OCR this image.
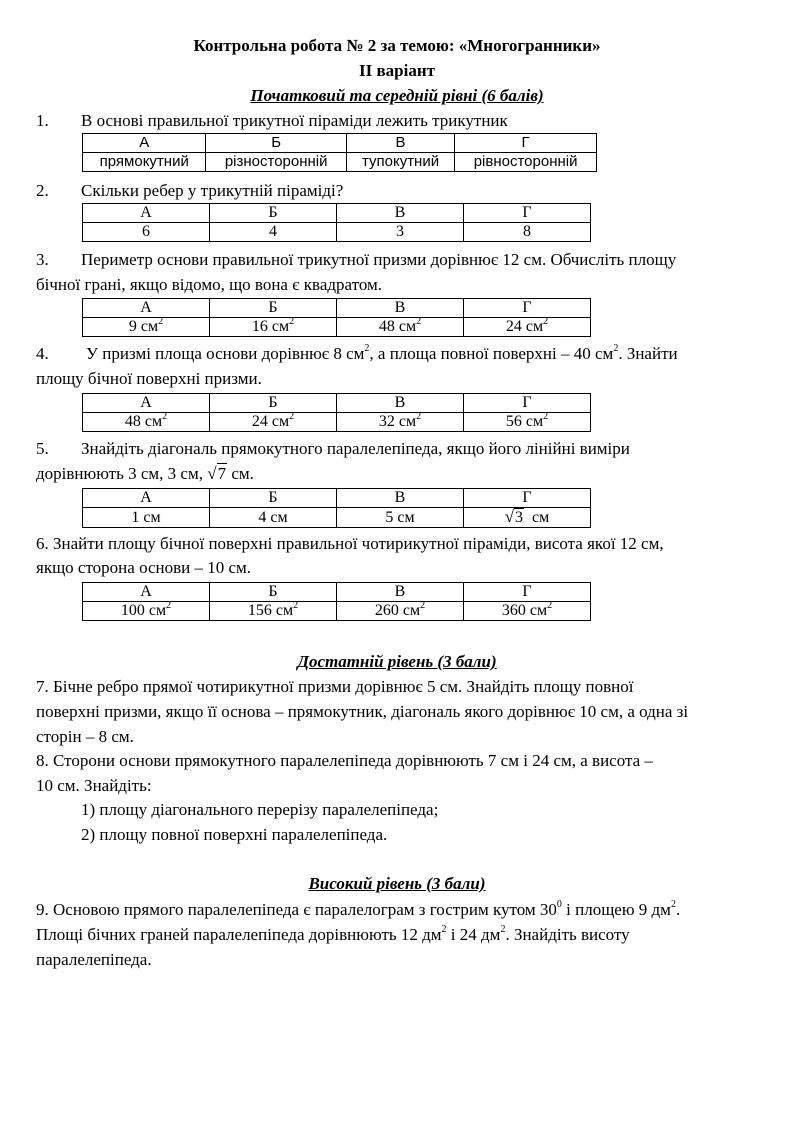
Контрольна робота № 2 за темою: «Многогранники»
ІІ варіант
Початковий та середній рівні (6 балів)
1. В основі правильної трикутної піраміди лежить трикутник
А	Б	В	Г
прямокутний	різносторонній	тупокутний	рівносторонній
2. Скільки ребер у трикутній піраміді?
А	Б	В	Г
6	4	3	8
3. Периметр основи правильної трикутної призми дорівнює 12 см. Обчисліть площу
бічної грані, якщо відомо, що вона є квадратом.
А	Б	В	Г
9 $см^2$	16 $см^2$	48 $см^2$	24 $см^2$
4. У призмі площа основи дорівнює 8 $см^2$, а площа повної поверхні – 40 $см^2$. Знайти
площу бічної поверхні призми.
А	Б	В	Г
48 $см^2$	24 $см^2$	32 $см^2$	56 $см^2$
5. Знайдіть діагональ прямокутного паралелепіпеда, якщо його лінійні виміри
дорівнюють 3 см, 3 см, √7 см.
А	Б	В	Г
1 см	4 см	5 см	√3 см
6. Знайти площу бічної поверхні правильної чотирикутної піраміди, висота якої 12 см,
якщо сторона основи – 10 см.
А	Б	В	Г
100 $см^2$	156 $см^2$	260 $см^2$	360 $см^2$
Достатній рівень (3 бали)
7. Бічне ребро прямої чотирикутної призми дорівнює 5 см. Знайдіть площу повної
поверхні призми, якщо її основа – прямокутник, діагональ якого дорівнює 10 см, а одна зі
сторін – 8 см.
8. Сторони основи прямокутного паралелепіпеда дорівнюють 7 см і 24 см, а висота –
10 см. Знайдіть:
1) площу діагонального перерізу паралелепіпеда;
2) площу повної поверхні паралелепіпеда.
Високий рівень (3 бали)
9. Основою прямого паралелепіпеда є паралелограм з гострим кутом $30^0$ і площею 9 $дм^2$.
Площі бічних граней паралелепіпеда дорівнюють 12 $дм^2$ і 24 $дм^2$. Знайдіть висоту
паралелепіпеда.
